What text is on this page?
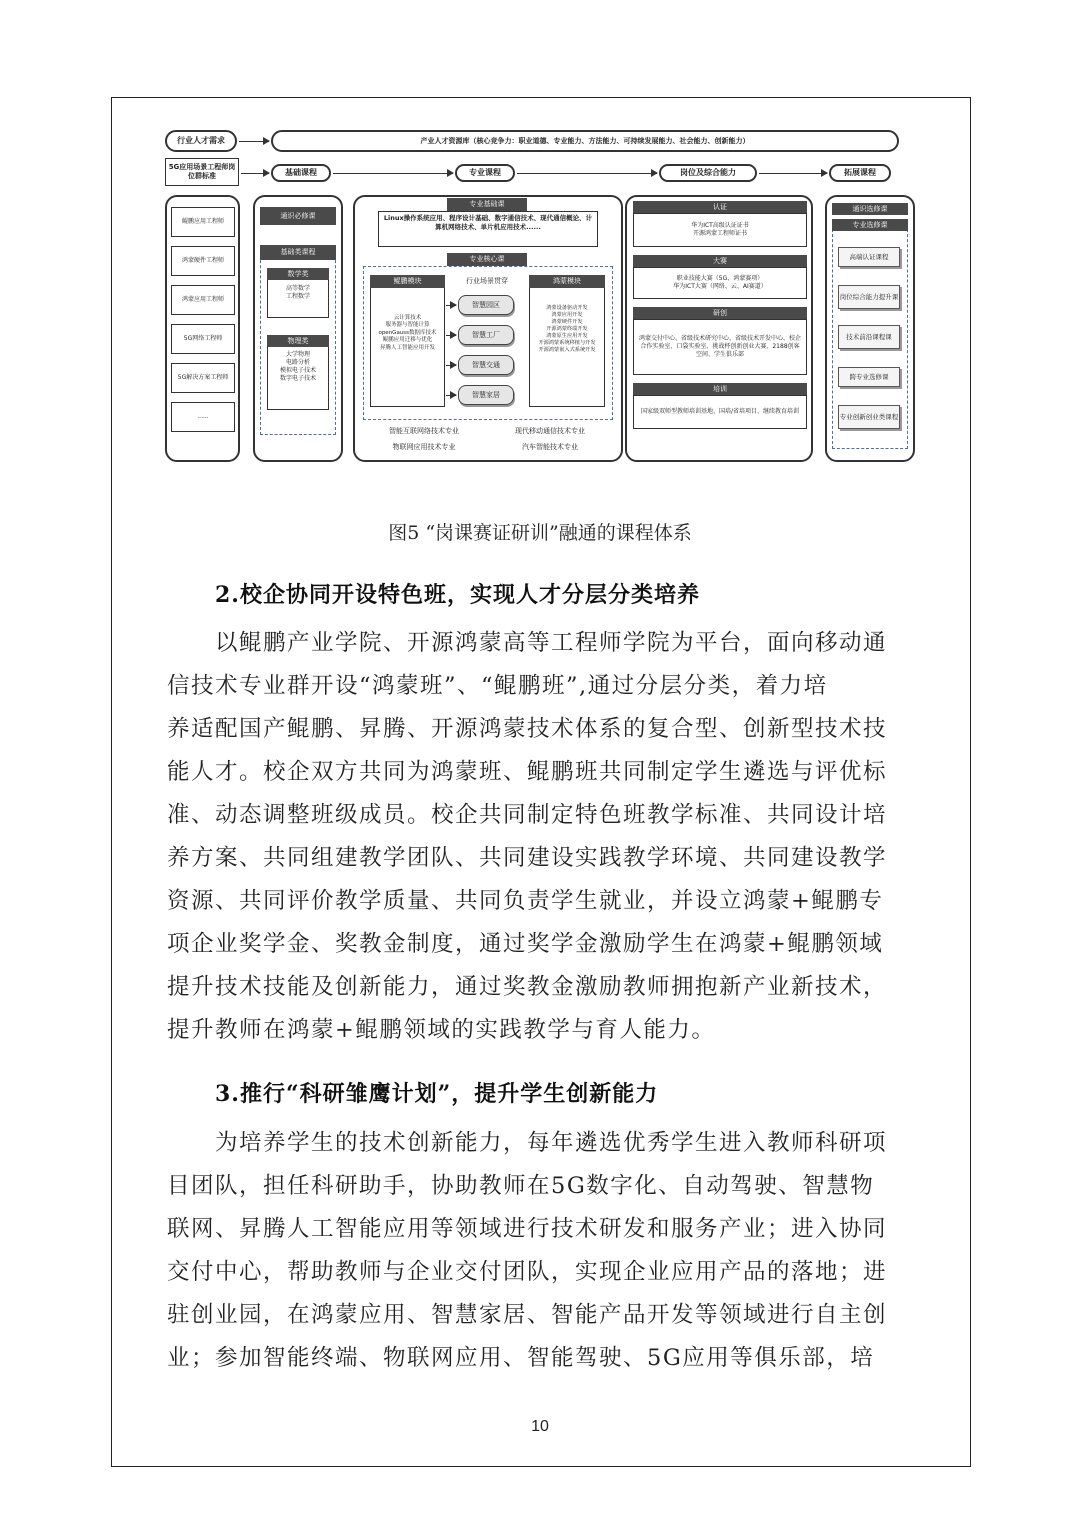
行业人才需求	产业人才资源库（核心竞争力：职业道德、专业能力、方法能力、可持续发展能力、社会能力、创新能力）
5G应用场景工程师岗位群标准	基础课程	专业课程	岗位及综合能力	拓展课程
鲲鹏应用工程师
鸿蒙硬件工程师
鸿蒙应用工程师
5G网络工程师
5G解决方案工程师
......
通识必修课
基础类课程
数学类
高等数学
工程数学
物理类
大学物理
电路分析
模拟电子技术
数字电子技术
专业基础课
Linux操作系统应用、程序设计基础、数字通信技术、现代通信概论、计算机网络技术、单片机应用技术......
专业核心课
鲲鹏模块
云计算技术
服务器与智能计算
openGauss数据库技术
鲲鹏应用迁移与优化
昇腾人工智能应用开发
行业场景贯穿
智慧园区
智慧工厂
智慧交通
智慧家居
鸿蒙模块
鸿蒙设备驱动开发
鸿蒙应用开发
鸿蒙硬件开发
开源鸿蒙终端开发
鸿蒙原生应用开发
开源鸿蒙系统移植与开发
开源鸿蒙嵌入式系统开发
智能互联网络技术专业
物联网应用技术专业
现代移动通信技术专业
汽车智能技术专业
认证
华为ICT高级认证证书
开源鸿蒙工程师证书
大赛
职业技能大赛（5G、鸿蒙赛项）
华为ICT大赛（网络、云、AI赛道）
研创
鸿蒙交付中心、省级技术研究中心、省级技术开发中心、校企合作实验室、口袋实验室、挑战杯创新创业大赛、2188创客空间、学生俱乐部
培训
国家级双师型教师培训基地、国培/省培项目、继续教育培训
通识选修课
专业选修课
高端认证课程
岗位综合能力提升课
技术前沿课程课
跨专业选修课
专业创新创业类课程
图5 “岗课赛证研训”融通的课程体系
2.校企协同开设特色班，实现人才分层分类培养
　　以鲲鹏产业学院、开源鸿蒙高等工程师学院为平台，面向移动通
信技术专业群开设“鸿蒙班”、“鲲鹏班”,通过分层分类，着力培
养适配国产鲲鹏、昇腾、开源鸿蒙技术体系的复合型、创新型技术技
能人才。校企双方共同为鸿蒙班、鲲鹏班共同制定学生遴选与评优标
准、动态调整班级成员。校企共同制定特色班教学标准、共同设计培
养方案、共同组建教学团队、共同建设实践教学环境、共同建设教学
资源、共同评价教学质量、共同负责学生就业，并设立鸿蒙+鲲鹏专
项企业奖学金、奖教金制度，通过奖学金激励学生在鸿蒙+鲲鹏领域
提升技术技能及创新能力，通过奖教金激励教师拥抱新产业新技术，
提升教师在鸿蒙+鲲鹏领域的实践教学与育人能力。
3.推行“科研雏鹰计划”，提升学生创新能力
　　为培养学生的技术创新能力，每年遴选优秀学生进入教师科研项
目团队，担任科研助手，协助教师在5G数字化、自动驾驶、智慧物
联网、昇腾人工智能应用等领域进行技术研发和服务产业；进入协同
交付中心，帮助教师与企业交付团队，实现企业应用产品的落地；进
驻创业园，在鸿蒙应用、智慧家居、智能产品开发等领域进行自主创
业；参加智能终端、物联网应用、智能驾驶、5G应用等俱乐部，培
10
